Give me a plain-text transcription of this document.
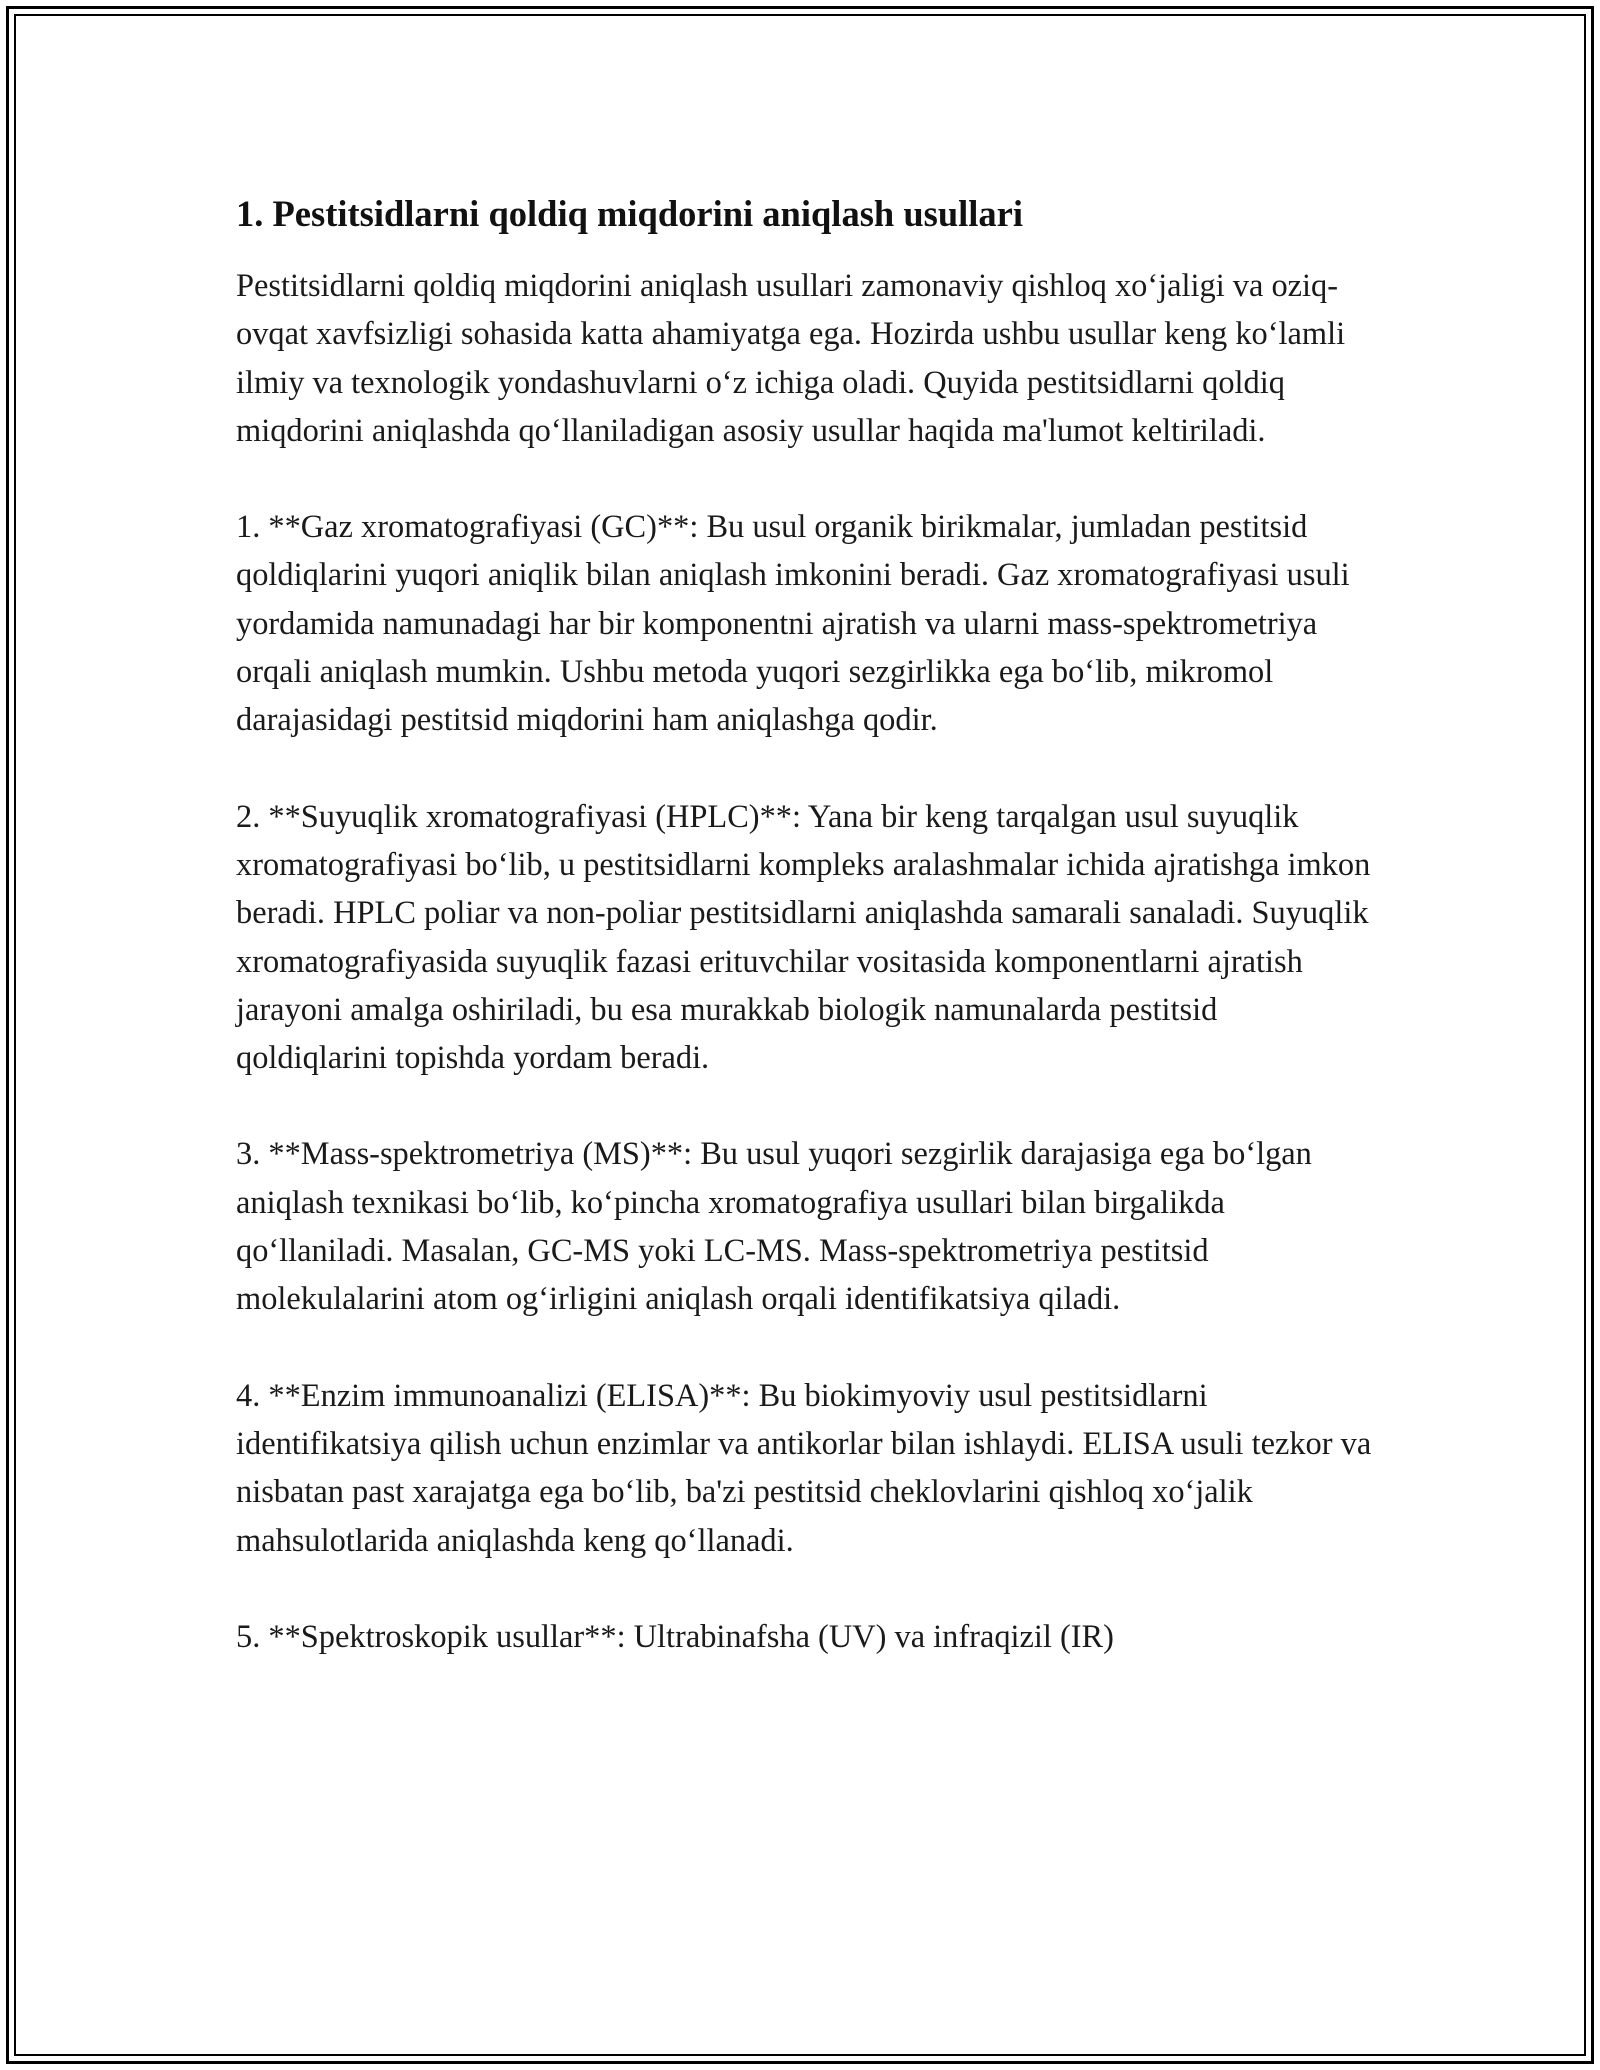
1. Pestitsidlarni qoldiq miqdorini aniqlash usullari

Pestitsidlarni qoldiq miqdorini aniqlash usullari zamonaviy qishloq xo‘jaligi va oziq-ovqat xavfsizligi sohasida katta ahamiyatga ega. Hozirda ushbu usullar keng ko‘lamli ilmiy va texnologik yondashuvlarni o‘z ichiga oladi. Quyida pestitsidlarni qoldiq miqdorini aniqlashda qo‘llaniladigan asosiy usullar haqida ma'lumot keltiriladi.

1. **Gaz xromatografiyasi (GC)**: Bu usul organik birikmalar, jumladan pestitsid qoldiqlarini yuqori aniqlik bilan aniqlash imkonini beradi. Gaz xromatografiyasi usuli yordamida namunadagi har bir komponentni ajratish va ularni mass-spektrometriya orqali aniqlash mumkin. Ushbu metoda yuqori sezgirlikka ega bo‘lib, mikromol darajasidagi pestitsid miqdorini ham aniqlashga qodir.

2. **Suyuqlik xromatografiyasi (HPLC)**: Yana bir keng tarqalgan usul suyuqlik xromatografiyasi bo‘lib, u pestitsidlarni kompleks aralashmalar ichida ajratishga imkon beradi. HPLC poliar va non-poliar pestitsidlarni aniqlashda samarali sanaladi. Suyuqlik xromatografiyasida suyuqlik fazasi erituvchilar vositasida komponentlarni ajratish jarayoni amalga oshiriladi, bu esa murakkab biologik namunalarda pestitsid qoldiqlarini topishda yordam beradi.

3. **Mass-spektrometriya (MS)**: Bu usul yuqori sezgirlik darajasiga ega bo‘lgan aniqlash texnikasi bo‘lib, ko‘pincha xromatografiya usullari bilan birgalikda qo‘llaniladi. Masalan, GC-MS yoki LC-MS. Mass-spektrometriya pestitsid molekulalarini atom og‘irligini aniqlash orqali identifikatsiya qiladi.

4. **Enzim immunoanalizi (ELISA)**: Bu biokimyoviy usul pestitsidlarni identifikatsiya qilish uchun enzimlar va antikorlar bilan ishlaydi. ELISA usuli tezkor va nisbatan past xarajatga ega bo‘lib, ba'zi pestitsid cheklovlarini qishloq xo‘jalik mahsulotlarida aniqlashda keng qo‘llanadi.

5. **Spektroskopik usullar**: Ultrabinafsha (UV) va infraqizil (IR)
